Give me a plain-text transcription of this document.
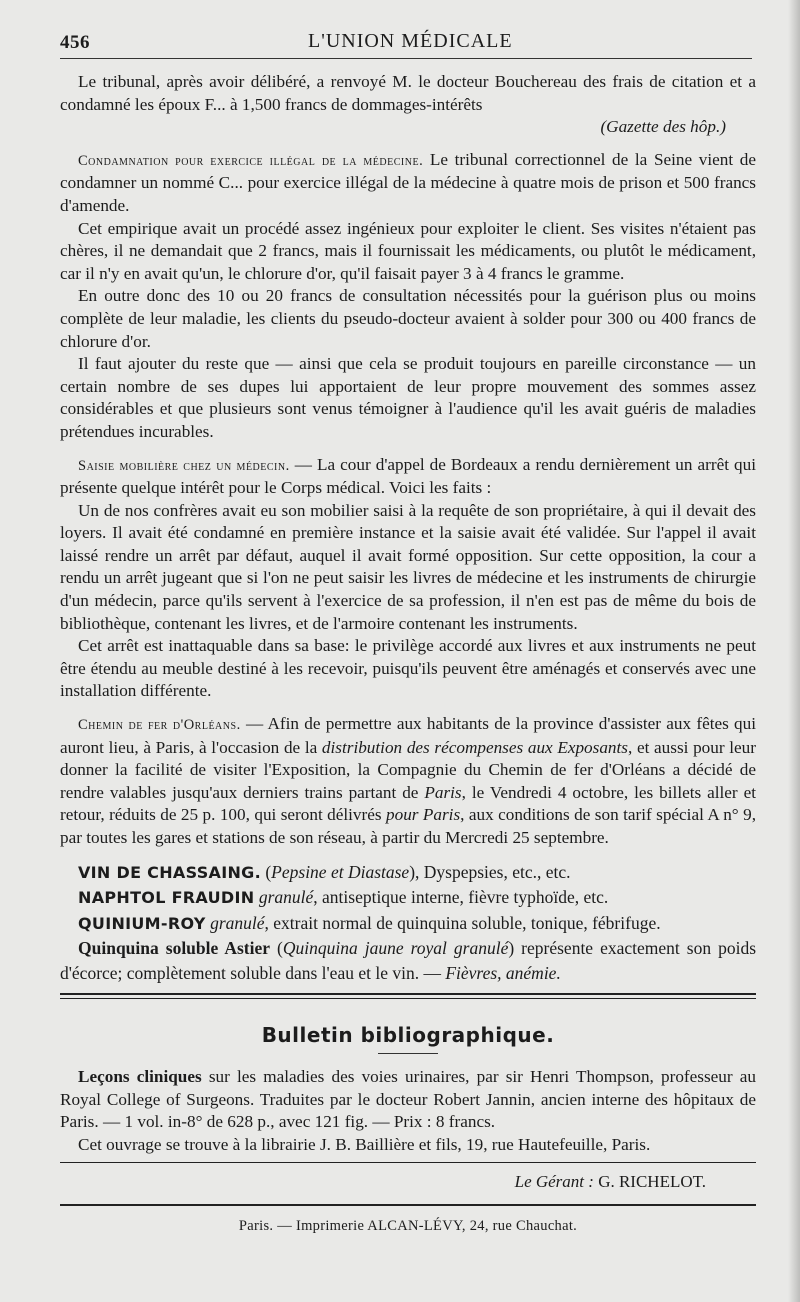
456	L'UNION MÉDICALE

Le tribunal, après avoir délibéré, a renvoyé M. le docteur Bouchereau des frais de citation et a condamné les époux F... à 1,500 francs de dommages-intérêts

(Gazette des hôp.)

Condamnation pour exercice illégal de la médecine. Le tribunal correctionnel de la Seine vient de condamner un nommé C... pour exercice illégal de la médecine à quatre mois de prison et 500 francs d'amende.

Cet empirique avait un procédé assez ingénieux pour exploiter le client. Ses visites n'étaient pas chères, il ne demandait que 2 francs, mais il fournissait les médicaments, ou plutôt le médicament, car il n'y en avait qu'un, le chlorure d'or, qu'il faisait payer 3 à 4 francs le gramme.

En outre donc des 10 ou 20 francs de consultation nécessités pour la guérison plus ou moins complète de leur maladie, les clients du pseudo-docteur avaient à solder pour 300 ou 400 francs de chlorure d'or.

Il faut ajouter du reste que — ainsi que cela se produit toujours en pareille circonstance — un certain nombre de ses dupes lui apportaient de leur propre mouvement des sommes assez considérables et que plusieurs sont venus témoigner à l'audience qu'il les avait guéris de maladies prétendues incurables.

Saisie mobilière chez un médecin. — La cour d'appel de Bordeaux a rendu dernièrement un arrêt qui présente quelque intérêt pour le Corps médical. Voici les faits :

Un de nos confrères avait eu son mobilier saisi à la requête de son propriétaire, à qui il devait des loyers. Il avait été condamné en première instance et la saisie avait été validée. Sur l'appel il avait laissé rendre un arrêt par défaut, auquel il avait formé opposition. Sur cette opposition, la cour a rendu un arrêt jugeant que si l'on ne peut saisir les livres de médecine et les instruments de chirurgie d'un médecin, parce qu'ils servent à l'exercice de sa profession, il n'en est pas de même du bois de bibliothèque, contenant les livres, et de l'armoire contenant les instruments.

Cet arrêt est inattaquable dans sa base: le privilège accordé aux livres et aux instruments ne peut être étendu au meuble destiné à les recevoir, puisqu'ils peuvent être aménagés et conservés avec une installation différente.

Chemin de fer d'Orléans. — Afin de permettre aux habitants de la province d'assister aux fêtes qui auront lieu, à Paris, à l'occasion de la distribution des récompenses aux Exposants, et aussi pour leur donner la facilité de visiter l'Exposition, la Compagnie du Chemin de fer d'Orléans a décidé de rendre valables jusqu'aux derniers trains partant de Paris, le Vendredi 4 octobre, les billets aller et retour, réduits de 25 p. 100, qui seront délivrés pour Paris, aux conditions de son tarif spécial A n° 9, par toutes les gares et stations de son réseau, à partir du Mercredi 25 septembre.

VIN DE CHASSAING. (Pepsine et Diastase), Dyspepsies, etc., etc.

NAPHTOL FRAUDIN granulé, antiseptique interne, fièvre typhoïde, etc.

QUINIUM-ROY granulé, extrait normal de quinquina soluble, tonique, fébrifuge.

Quinquina soluble Astier (Quinquina jaune royal granulé) représente exactement son poids d'écorce; complètement soluble dans l'eau et le vin. — Fièvres, anémie.

Bulletin bibliographique.

Leçons cliniques sur les maladies des voies urinaires, par sir Henri Thompson, professeur au Royal College of Surgeons. Traduites par le docteur Robert Jannin, ancien interne des hôpitaux de Paris. — 1 vol. in-8° de 628 p., avec 121 fig. — Prix : 8 francs.

Cet ouvrage se trouve à la librairie J. B. Baillière et fils, 19, rue Hautefeuille, Paris.

Le Gérant : G. RICHELOT.

Paris. — Imprimerie ALCAN-LÉVY, 24, rue Chauchat.
